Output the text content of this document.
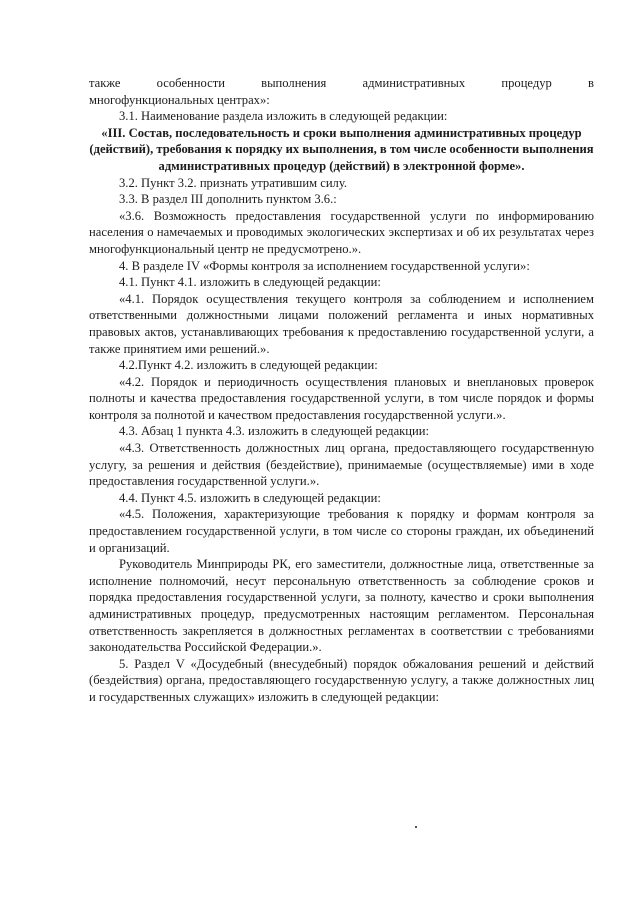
также особенности выполнения административных процедур в

многофункциональных центрах»:

3.1. Наименование раздела изложить в следующей редакции:

«III. Состав, последовательность и сроки выполнения административных процедур (действий), требования к порядку их выполнения, в том числе особенности выполнения административных процедур (действий) в электронной форме».

3.2. Пункт 3.2. признать утратившим силу.

3.3. В раздел III дополнить пунктом 3.6.:

«3.6. Возможность предоставления государственной услуги по информированию населения о намечаемых и проводимых экологических экспертизах и об их результатах через многофункциональный центр не предусмотрено.».

4. В разделе IV «Формы контроля за исполнением государственной услуги»:

4.1. Пункт 4.1. изложить в следующей редакции:

«4.1. Порядок осуществления текущего контроля за соблюдением и исполнением ответственными должностными лицами положений регламента и иных нормативных правовых актов, устанавливающих требования к предоставлению государственной услуги, а также принятием ими решений.».

4.2.Пункт 4.2. изложить в следующей редакции:

«4.2. Порядок и периодичность осуществления плановых и внеплановых проверок полноты и качества предоставления государственной услуги, в том числе порядок и формы контроля за полнотой и качеством предоставления государственной услуги.».

4.3. Абзац 1 пункта 4.3. изложить в следующей редакции:

«4.3. Ответственность должностных лиц органа, предоставляющего государственную услугу, за решения и действия (бездействие), принимаемые (осуществляемые) ими в ходе предоставления государственной услуги.».

4.4. Пункт 4.5. изложить в следующей редакции:

«4.5. Положения, характеризующие требования к порядку и формам контроля за предоставлением государственной услуги, в том числе со стороны граждан, их объединений и организаций.

Руководитель Минприроды РК, его заместители, должностные лица, ответственные за исполнение полномочий, несут персональную ответственность за соблюдение сроков и порядка предоставления государственной услуги, за полноту, качество и сроки выполнения административных процедур, предусмотренных настоящим регламентом. Персональная ответственность закрепляется в должностных регламентах в соответствии с требованиями законодательства Российской Федерации.».

5. Раздел V «Досудебный (внесудебный) порядок обжалования решений и действий (бездействия) органа, предоставляющего государственную услугу, а также должностных лиц и государственных служащих» изложить в следующей редакции:
